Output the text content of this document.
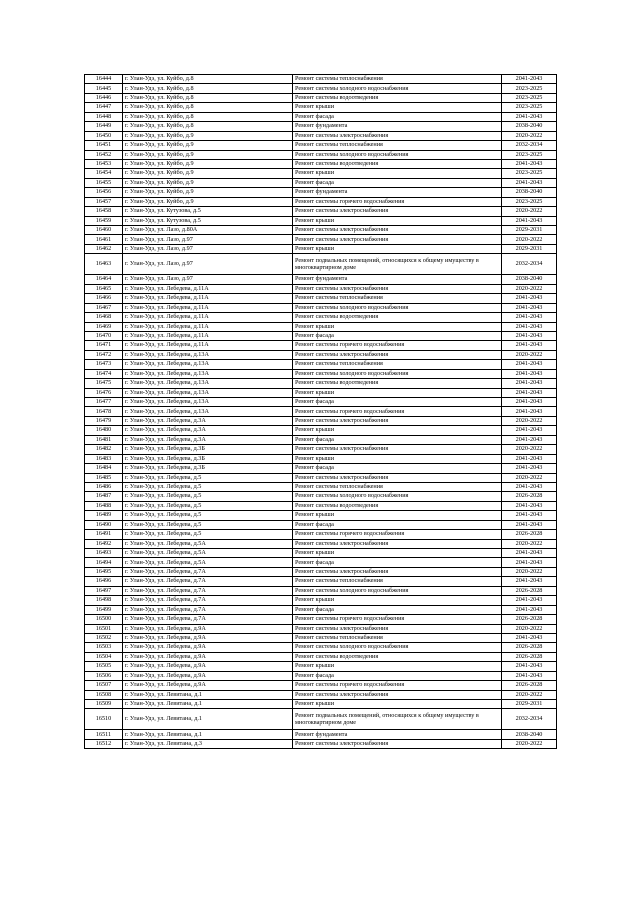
16444	г. Улан-Удэ, ул. Куйбо, д.8	Ремонт системы теплоснабжения	2041-2043
16445	г. Улан-Удэ, ул. Куйбо, д.8	Ремонт системы холодного водоснабжения	2023-2025
16446	г. Улан-Удэ, ул. Куйбо, д.8	Ремонт системы водоотведения	2023-2025
16447	г. Улан-Удэ, ул. Куйбо, д.8	Ремонт крыши	2023-2025
16448	г. Улан-Удэ, ул. Куйбо, д.8	Ремонт фасада	2041-2043
16449	г. Улан-Удэ, ул. Куйбо, д.8	Ремонт фундамента	2038-2040
16450	г. Улан-Удэ, ул. Куйбо, д.9	Ремонт системы электроснабжения	2020-2022
16451	г. Улан-Удэ, ул. Куйбо, д.9	Ремонт системы теплоснабжения	2032-2034
16452	г. Улан-Удэ, ул. Куйбо, д.9	Ремонт системы холодного водоснабжения	2023-2025
16453	г. Улан-Удэ, ул. Куйбо, д.9	Ремонт системы водоотведения	2041-2043
16454	г. Улан-Удэ, ул. Куйбо, д.9	Ремонт крыши	2023-2025
16455	г. Улан-Удэ, ул. Куйбо, д.9	Ремонт фасада	2041-2043
16456	г. Улан-Удэ, ул. Куйбо, д.9	Ремонт фундамента	2038-2040
16457	г. Улан-Удэ, ул. Куйбо, д.9	Ремонт системы горячего водоснабжения	2023-2025
16458	г. Улан-Удэ, ул. Кутузова, д.5	Ремонт системы электроснабжения	2020-2022
16459	г. Улан-Удэ, ул. Кутузова, д.5	Ремонт крыши	2041-2043
16460	г. Улан-Удэ, ул. Лазо, д.80А	Ремонт системы электроснабжения	2029-2031
16461	г. Улан-Удэ, ул. Лазо, д.97	Ремонт системы электроснабжения	2020-2022
16462	г. Улан-Удэ, ул. Лазо, д.97	Ремонт крыши	2029-2031
16463	г. Улан-Удэ, ул. Лазо, д.97	Ремонт подвальных помещений, относящихся к общему имуществу в многоквартирном доме	2032-2034
16464	г. Улан-Удэ, ул. Лазо, д.97	Ремонт фундамента	2038-2040
16465	г. Улан-Удэ, ул. Лебедева, д.11А	Ремонт системы электроснабжения	2020-2022
16466	г. Улан-Удэ, ул. Лебедева, д.11А	Ремонт системы теплоснабжения	2041-2043
16467	г. Улан-Удэ, ул. Лебедева, д.11А	Ремонт системы холодного водоснабжения	2041-2043
16468	г. Улан-Удэ, ул. Лебедева, д.11А	Ремонт системы водоотведения	2041-2043
16469	г. Улан-Удэ, ул. Лебедева, д.11А	Ремонт крыши	2041-2043
16470	г. Улан-Удэ, ул. Лебедева, д.11А	Ремонт фасада	2041-2043
16471	г. Улан-Удэ, ул. Лебедева, д.11А	Ремонт системы горячего водоснабжения	2041-2043
16472	г. Улан-Удэ, ул. Лебедева, д.13А	Ремонт системы электроснабжения	2020-2022
16473	г. Улан-Удэ, ул. Лебедева, д.13А	Ремонт системы теплоснабжения	2041-2043
16474	г. Улан-Удэ, ул. Лебедева, д.13А	Ремонт системы холодного водоснабжения	2041-2043
16475	г. Улан-Удэ, ул. Лебедева, д.13А	Ремонт системы водоотведения	2041-2043
16476	г. Улан-Удэ, ул. Лебедева, д.13А	Ремонт крыши	2041-2043
16477	г. Улан-Удэ, ул. Лебедева, д.13А	Ремонт фасада	2041-2043
16478	г. Улан-Удэ, ул. Лебедева, д.13А	Ремонт системы горячего водоснабжения	2041-2043
16479	г. Улан-Удэ, ул. Лебедева, д.3А	Ремонт системы электроснабжения	2020-2022
16480	г. Улан-Удэ, ул. Лебедева, д.3А	Ремонт крыши	2041-2043
16481	г. Улан-Удэ, ул. Лебедева, д.3А	Ремонт фасада	2041-2043
16482	г. Улан-Удэ, ул. Лебедева, д.3Б	Ремонт системы электроснабжения	2020-2022
16483	г. Улан-Удэ, ул. Лебедева, д.3Б	Ремонт крыши	2041-2043
16484	г. Улан-Удэ, ул. Лебедева, д.3Б	Ремонт фасада	2041-2043
16485	г. Улан-Удэ, ул. Лебедева, д.5	Ремонт системы электроснабжения	2020-2022
16486	г. Улан-Удэ, ул. Лебедева, д.5	Ремонт системы теплоснабжения	2041-2043
16487	г. Улан-Удэ, ул. Лебедева, д.5	Ремонт системы холодного водоснабжения	2026-2028
16488	г. Улан-Удэ, ул. Лебедева, д.5	Ремонт системы водоотведения	2041-2043
16489	г. Улан-Удэ, ул. Лебедева, д.5	Ремонт крыши	2041-2043
16490	г. Улан-Удэ, ул. Лебедева, д.5	Ремонт фасада	2041-2043
16491	г. Улан-Удэ, ул. Лебедева, д.5	Ремонт системы горячего водоснабжения	2026-2028
16492	г. Улан-Удэ, ул. Лебедева, д.5А	Ремонт системы электроснабжения	2020-2022
16493	г. Улан-Удэ, ул. Лебедева, д.5А	Ремонт крыши	2041-2043
16494	г. Улан-Удэ, ул. Лебедева, д.5А	Ремонт фасада	2041-2043
16495	г. Улан-Удэ, ул. Лебедева, д.7А	Ремонт системы электроснабжения	2020-2022
16496	г. Улан-Удэ, ул. Лебедева, д.7А	Ремонт системы теплоснабжения	2041-2043
16497	г. Улан-Удэ, ул. Лебедева, д.7А	Ремонт системы холодного водоснабжения	2026-2028
16498	г. Улан-Удэ, ул. Лебедева, д.7А	Ремонт крыши	2041-2043
16499	г. Улан-Удэ, ул. Лебедева, д.7А	Ремонт фасада	2041-2043
16500	г. Улан-Удэ, ул. Лебедева, д.7А	Ремонт системы горячего водоснабжения	2026-2028
16501	г. Улан-Удэ, ул. Лебедева, д.9А	Ремонт системы электроснабжения	2020-2022
16502	г. Улан-Удэ, ул. Лебедева, д.9А	Ремонт системы теплоснабжения	2041-2043
16503	г. Улан-Удэ, ул. Лебедева, д.9А	Ремонт системы холодного водоснабжения	2026-2028
16504	г. Улан-Удэ, ул. Лебедева, д.9А	Ремонт системы водоотведения	2026-2028
16505	г. Улан-Удэ, ул. Лебедева, д.9А	Ремонт крыши	2041-2043
16506	г. Улан-Удэ, ул. Лебедева, д.9А	Ремонт фасада	2041-2043
16507	г. Улан-Удэ, ул. Лебедева, д.9А	Ремонт системы горячего водоснабжения	2026-2028
16508	г. Улан-Удэ, ул. Левитана, д.1	Ремонт системы электроснабжения	2020-2022
16509	г. Улан-Удэ, ул. Левитана, д.1	Ремонт крыши	2029-2031
16510	г. Улан-Удэ, ул. Левитана, д.1	Ремонт подвальных помещений, относящихся к общему имуществу в многоквартирном доме	2032-2034
16511	г. Улан-Удэ, ул. Левитана, д.1	Ремонт фундамента	2038-2040
16512	г. Улан-Удэ, ул. Левитана, д.3	Ремонт системы электроснабжения	2020-2022
